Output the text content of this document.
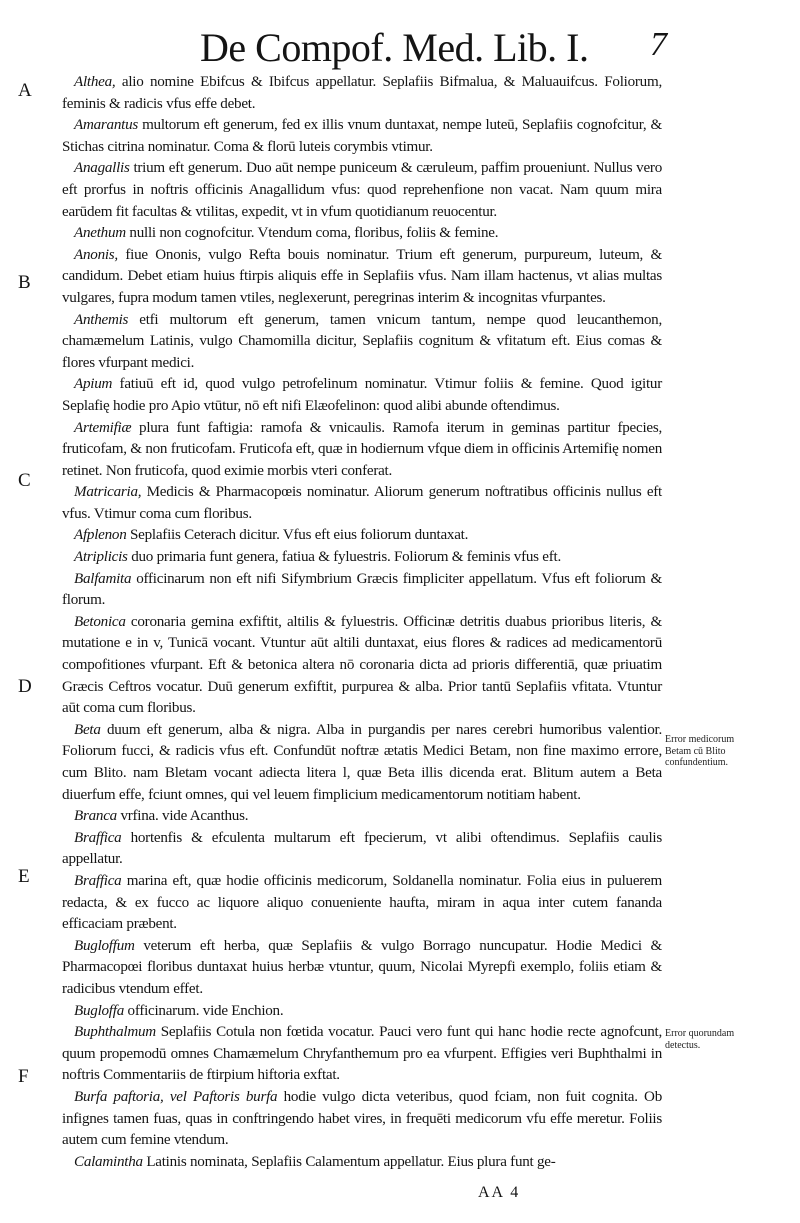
De Compof. Med. Lib. I. 7
A
B
C
D
E
F

Althea, alio nomine Ebifcus & Ibifcus appellatur. Seplafiis Bifmalua, & Maluauifcus. Foliorum, feminis & radicis vfus effe debet.

Amarantus multorum eft generum, fed ex illis vnum duntaxat, nempe luteū, Seplafiis cognofcitur, & Stichas citrina nominatur. Coma & florū luteis corymbis vtimur.

Anagallis trium eft generum. Duo aūt nempe puniceum & cæruleum, paffim proueniunt. Nullus vero eft prorfus in noftris officinis Anagallidum vfus: quod reprehenfione non vacat. Nam quum mira earūdem fit facultas & vtilitas, expedit, vt in vfum quotidianum reuocentur.

Anethum nulli non cognofcitur. Vtendum coma, floribus, foliis & femine.

Anonis, fiue Ononis, vulgo Refta bouis nominatur. Trium eft generum, purpureum, luteum, & candidum. Debet etiam huius ftirpis aliquis effe in Seplafiis vfus. Nam illam hactenus, vt alias multas vulgares, fupra modum tamen vtiles, neglexerunt, peregrinas interim & incognitas vfurpantes.

Anthemis etfi multorum eft generum, tamen vnicum tantum, nempe quod leucanthemon, chamæmelum Latinis, vulgo Chamomilla dicitur, Seplafiis cognitum & vfitatum eft. Eius comas & flores vfurpant medici.

Apium fatiuū eft id, quod vulgo petrofelinum nominatur. Vtimur foliis & femine. Quod igitur Seplafię hodie pro Apio vtūtur, nō eft nifi Elæofelinon: quod alibi abunde oftendimus.

Artemifiæ plura funt faftigia: ramofa & vnicaulis. Ramofa iterum in geminas partitur fpecies, fruticofam, & non fruticofam. Fruticofa eft, quæ in hodiernum vfque diem in officinis Artemifię nomen retinet. Non fruticofa, quod eximie morbis vteri conferat.

Matricaria, Medicis & Pharmacopœis nominatur. Aliorum generum noftratibus officinis nullus eft vfus. Vtimur coma cum floribus.

Afplenon Seplafiis Ceterach dicitur. Vfus eft eius foliorum duntaxat.

Atriplicis duo primaria funt genera, fatiua & fyluestris. Foliorum & feminis vfus eft.

Balfamita officinarum non eft nifi Sifymbrium Græcis fimpliciter appellatum. Vfus eft foliorum & florum.

Betonica coronaria gemina exfiftit, altilis & fyluestris. Officinæ detritis duabus prioribus literis, & mutatione e in v, Tunicā vocant. Vtuntur aūt altili duntaxat, eius flores & radices ad medicamentorū compofitiones vfurpant. Eft & betonica altera nō coronaria dicta ad prioris differentiā, quæ priuatim Græcis Ceftros vocatur. Duū generum exfiftit, purpurea & alba. Prior tantū Seplafiis vfitata. Vtuntur aūt coma cum floribus.

Beta duum eft generum, alba & nigra. Alba in purgandis per nares cerebri humoribus valentior. Foliorum fucci, & radicis vfus eft. Confundūt noftræ ætatis Medici Betam, non fine maximo errore, cum Blito. nam Bletam vocant adiecta litera l, quæ Beta illis dicenda erat. Blitum autem a Beta diuerfum effe, fciunt omnes, qui vel leuem fimplicium medicamentorum notitiam habent.

Branca vrfina. vide Acanthus.

Braffica hortenfis & efculenta multarum eft fpecierum, vt alibi oftendimus. Seplafiis caulis appellatur.

Braffica marina eft, quæ hodie officinis medicorum, Soldanella nominatur. Folia eius in puluerem redacta, & ex fucco ac liquore aliquo conueniente haufta, miram in aqua inter cutem fananda efficaciam præbent.

Bugloffum veterum eft herba, quæ Seplafiis & vulgo Borrago nuncupatur. Hodie Medici & Pharmacopœi floribus duntaxat huius herbæ vtuntur, quum, Nicolai Myrepfi exemplo, foliis etiam & radicibus vtendum effet.

Bugloffa officinarum. vide Enchion.

Buphthalmum Seplafiis Cotula non fœtida vocatur. Pauci vero funt qui hanc hodie recte agnofcunt, quum propemodū omnes Chamæmelum Chryfanthemum pro ea vfurpent. Effigies veri Buphthalmi in noftris Commentariis de ftirpium hiftoria exftat.

Burfa paftoria, vel Paftoris burfa hodie vulgo dicta veteribus, quod fciam, non fuit cognita. Ob infignes tamen fuas, quas in conftringendo habet vires, in frequēti medicorum vfu effe meretur. Foliis autem cum femine vtendum.

Calamintha Latinis nominata, Seplafiis Calamentum appellatur. Eius plura funt ge-

Error medicorum Betam cū Blito confundentium.
Error quorundam detectus.
AA 4
